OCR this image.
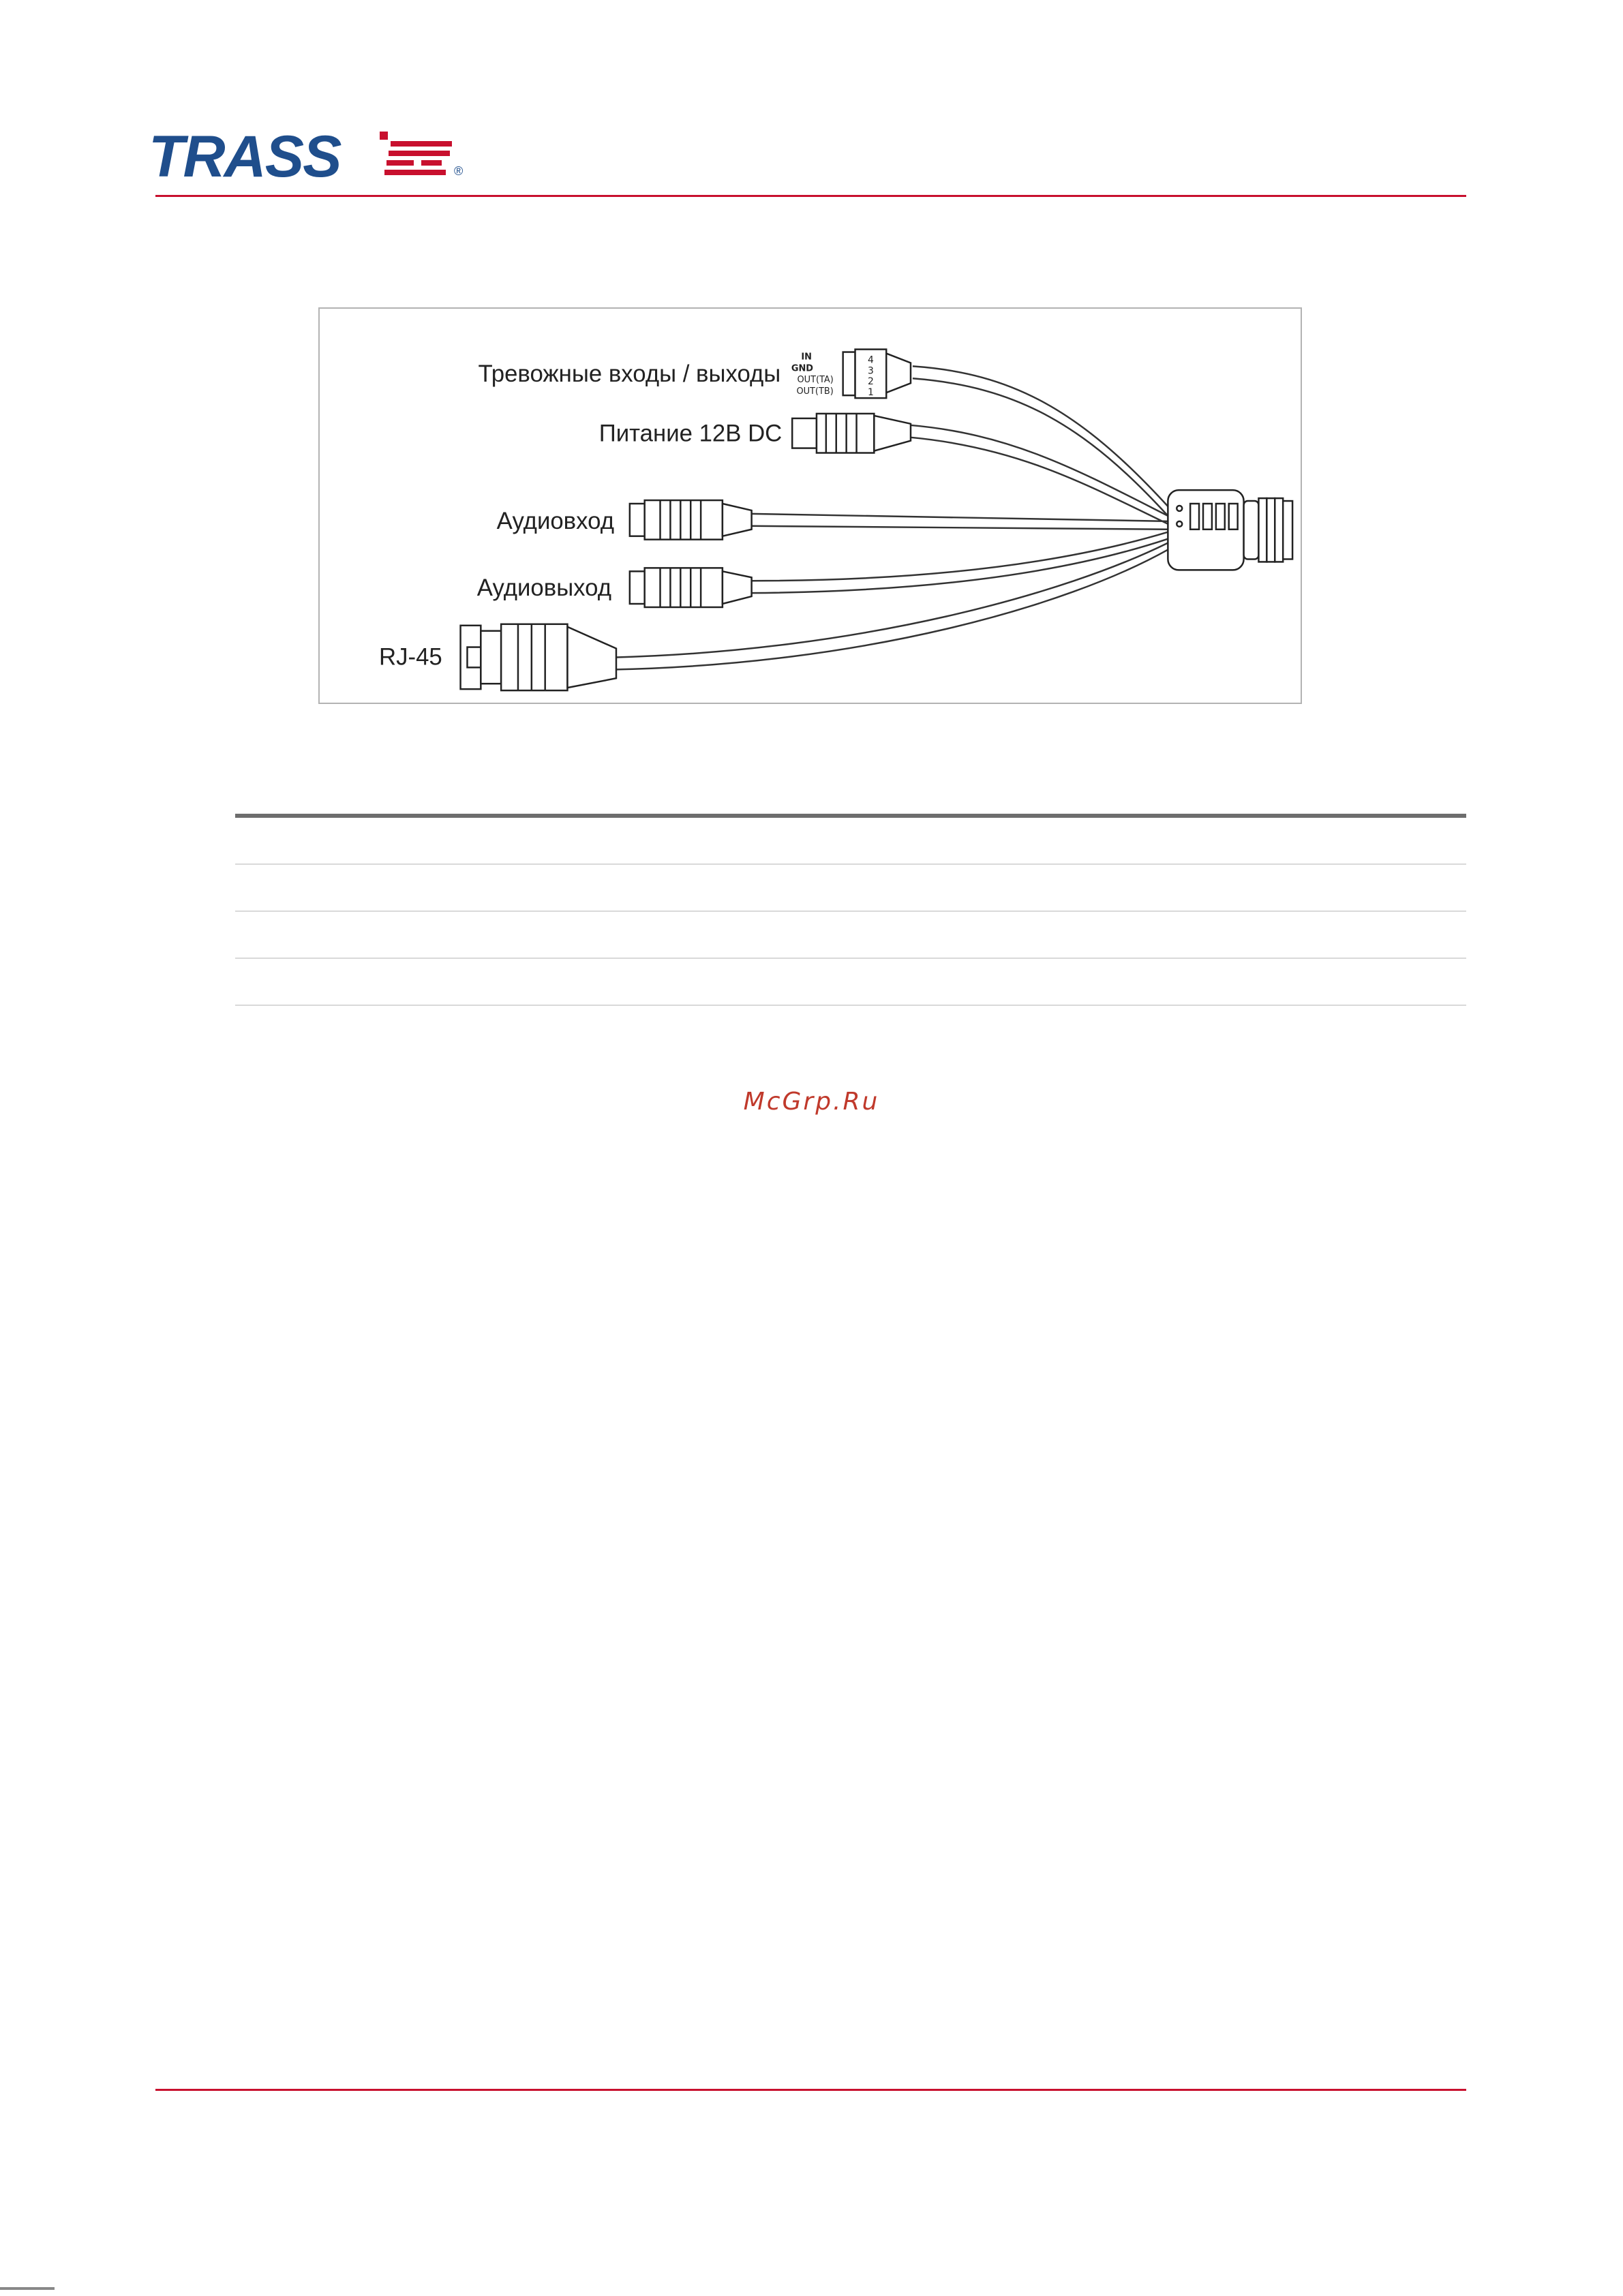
TRASS	®
4
3
2
1
IN
GND
OUT(TA)
OUT(TB)
Тревожные входы / выходы
Питание 12В DC
Аудиовход
Аудиовыход
RJ-45
McGrp.Ru
